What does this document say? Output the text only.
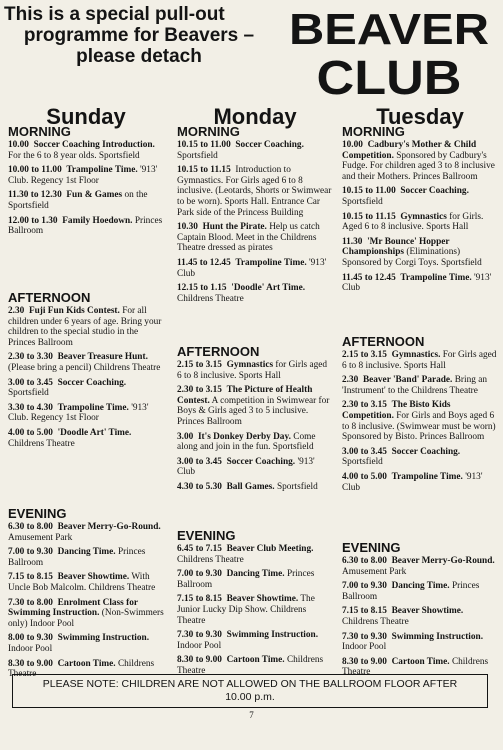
This is a special pull-out
programme for Beavers –
please detach
BEAVER
CLUB
Sunday
MORNING

10.00 Soccer Coaching Introduction. For the 6 to 8 year olds. Sportsfield

10.00 to 11.00 Trampoline Time. '913' Club. Regency 1st Floor

11.30 to 12.30 Fun & Games on the Sportsfield

12.00 to 1.30 Family Hoedown. Princes Ballroom

AFTERNOON

2.30 Fuji Fun Kids Contest. For all children under 6 years of age. Bring your children to the special studio in the Princes Ballroom

2.30 to 3.30 Beaver Treasure Hunt. (Please bring a pencil) Childrens Theatre

3.00 to 3.45 Soccer Coaching. Sportsfield

3.30 to 4.30 Trampoline Time. '913' Club. Regency 1st Floor

4.00 to 5.00 'Doodle Art' Time. Childrens Theatre

EVENING

6.30 to 8.00 Beaver Merry-Go-Round. Amusement Park

7.00 to 9.30 Dancing Time. Princes Ballroom

7.15 to 8.15 Beaver Showtime. With Uncle Bob Malcolm. Childrens Theatre

7.30 to 8.00 Enrolment Class for Swimming Instruction. (Non-Swimmers only) Indoor Pool

8.00 to 9.30 Swimming Instruction. Indoor Pool

8.30 to 9.00 Cartoon Time. Childrens Theatre

Monday
MORNING

10.15 to 11.00 Soccer Coaching. Sportsfield

10.15 to 11.15 Introduction to Gymnastics. For Girls aged 6 to 8 inclusive. (Leotards, Shorts or Swimwear to be worn). Sports Hall. Entrance Car Park side of the Princess Building

10.30 Hunt the Pirate. Help us catch Captain Blood. Meet in the Childrens Theatre dressed as pirates

11.45 to 12.45 Trampoline Time. '913' Club

12.15 to 1.15 'Doodle' Art Time. Childrens Theatre

AFTERNOON

2.15 to 3.15 Gymnastics for Girls aged 6 to 8 inclusive. Sports Hall

2.30 to 3.15 The Picture of Health Contest. A competition in Swimwear for Boys & Girls aged 3 to 5 inclusive. Princes Ballroom

3.00 It's Donkey Derby Day. Come along and join in the fun. Sportsfield

3.00 to 3.45 Soccer Coaching. '913' Club

4.30 to 5.30 Ball Games. Sportsfield

EVENING

6.45 to 7.15 Beaver Club Meeting. Childrens Theatre

7.00 to 9.30 Dancing Time. Princes Ballroom

7.15 to 8.15 Beaver Showtime. The Junior Lucky Dip Show. Childrens Theatre

7.30 to 9.30 Swimming Instruction. Indoor Pool

8.30 to 9.00 Cartoon Time. Childrens Theatre

Tuesday
MORNING

10.00 Cadbury's Mother & Child Competition. Sponsored by Cadbury's Fudge. For children aged 3 to 8 inclusive and their Mothers. Princes Ballroom

10.15 to 11.00 Soccer Coaching. Sportsfield

10.15 to 11.15 Gymnastics for Girls. Aged 6 to 8 inclusive. Sports Hall

11.30 'Mr Bounce' Hopper Championships (Eliminations) Sponsored by Corgi Toys. Sportsfield

11.45 to 12.45 Trampoline Time. '913' Club

AFTERNOON

2.15 to 3.15 Gymnastics. For Girls aged 6 to 8 inclusive. Sports Hall

2.30 Beaver 'Band' Parade. Bring an 'Instrument' to the Childrens Theatre

2.30 to 3.15 The Bisto Kids Competition. For Girls and Boys aged 6 to 8 inclusive. (Swimwear must be worn) Sponsored by Bisto. Princes Ballroom

3.00 to 3.45 Soccer Coaching. Sportsfield

4.00 to 5.00 Trampoline Time. '913' Club

EVENING

6.30 to 8.00 Beaver Merry-Go-Round. Amusement Park

7.00 to 9.30 Dancing Time. Princes Ballroom

7.15 to 8.15 Beaver Showtime. Childrens Theatre

7.30 to 9.30 Swimming Instruction. Indoor Pool

8.30 to 9.00 Cartoon Time. Childrens Theatre

PLEASE NOTE: CHILDREN ARE NOT ALLOWED ON THE BALLROOM FLOOR AFTER
10.00 p.m.
7
